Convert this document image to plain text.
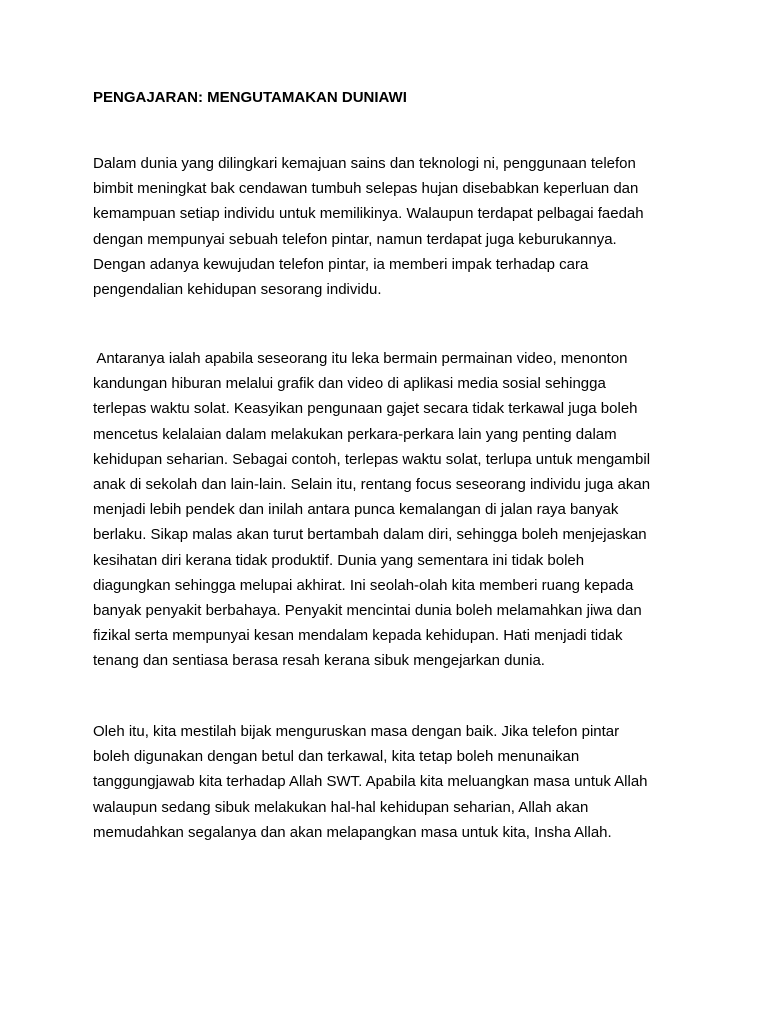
PENGAJARAN: MENGUTAMAKAN DUNIAWI
Dalam dunia yang dilingkari kemajuan sains dan teknologi ni, penggunaan telefon
bimbit meningkat bak cendawan tumbuh selepas hujan disebabkan keperluan dan
kemampuan setiap individu untuk memilikinya. Walaupun terdapat pelbagai faedah
dengan mempunyai sebuah telefon pintar, namun terdapat juga keburukannya.
Dengan adanya kewujudan telefon pintar, ia memberi impak terhadap cara
pengendalian kehidupan sesorang individu.
Antaranya ialah apabila seseorang itu leka bermain permainan video, menonton
kandungan hiburan melalui grafik dan video di aplikasi media sosial sehingga
terlepas waktu solat. Keasyikan pengunaan gajet secara tidak terkawal juga boleh
mencetus kelalaian dalam melakukan perkara-perkara lain yang penting dalam
kehidupan seharian. Sebagai contoh, terlepas waktu solat, terlupa untuk mengambil
anak di sekolah dan lain-lain. Selain itu, rentang focus seseorang individu juga akan
menjadi lebih pendek dan inilah antara punca kemalangan di jalan raya banyak
berlaku. Sikap malas akan turut bertambah dalam diri, sehingga boleh menjejaskan
kesihatan diri kerana tidak produktif. Dunia yang sementara ini tidak boleh
diagungkan sehingga melupai akhirat. Ini seolah-olah kita memberi ruang kepada
banyak penyakit berbahaya. Penyakit mencintai dunia boleh melamahkan jiwa dan
fizikal serta mempunyai kesan mendalam kepada kehidupan. Hati menjadi tidak
tenang dan sentiasa berasa resah kerana sibuk mengejarkan dunia.
Oleh itu, kita mestilah bijak menguruskan masa dengan baik. Jika telefon pintar
boleh digunakan dengan betul dan terkawal, kita tetap boleh menunaikan
tanggungjawab kita terhadap Allah SWT. Apabila kita meluangkan masa untuk Allah
walaupun sedang sibuk melakukan hal-hal kehidupan seharian, Allah akan
memudahkan segalanya dan akan melapangkan masa untuk kita, Insha Allah.
